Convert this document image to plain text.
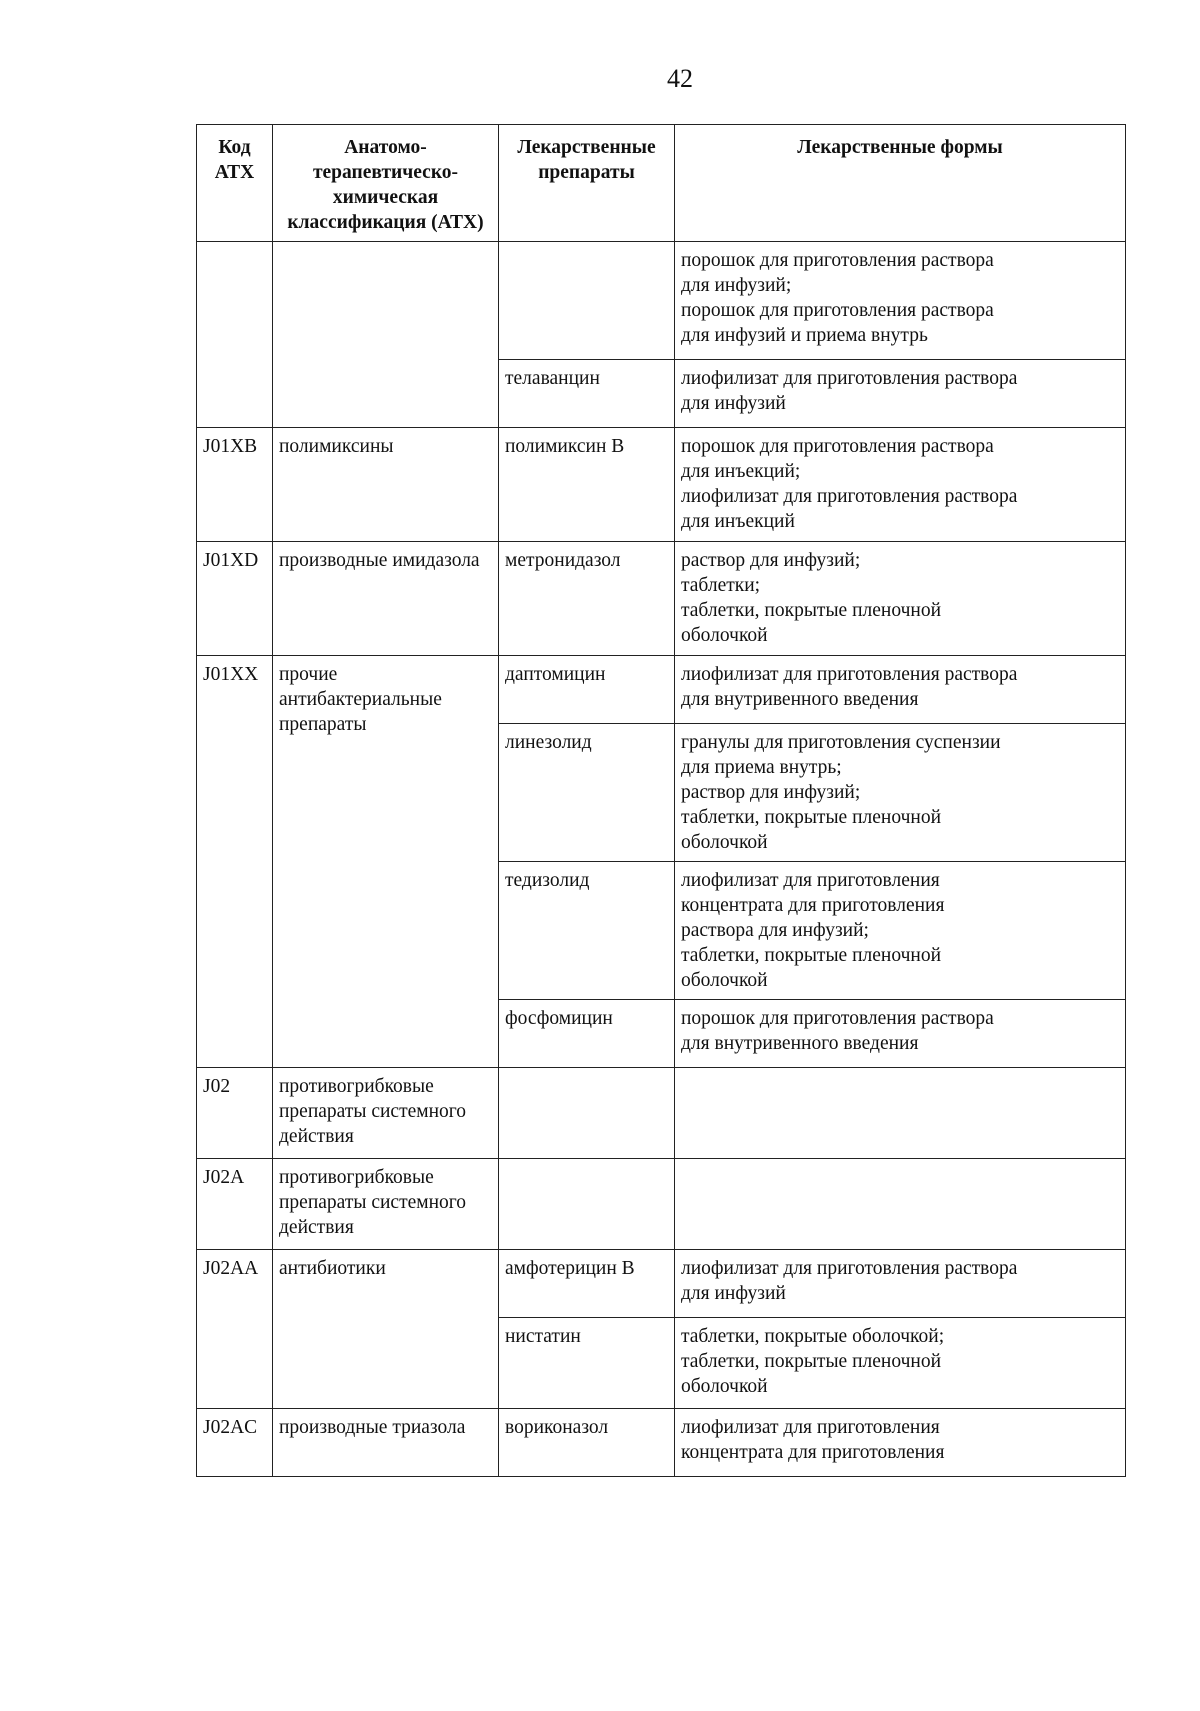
42
Код АТХ	Анатомо-терапевтическо-химическая классификация (АТХ)	Лекарственные препараты	Лекарственные формы
			порошок для приготовления раствора
для инфузий;
порошок для приготовления раствора
для инфузий и приема внутрь
		телаванцин	лиофилизат для приготовления раствора
для инфузий
J01XB	полимиксины	полимиксин В	порошок для приготовления раствора
для инъекций;
лиофилизат для приготовления раствора
для инъекций
J01XD	производные имидазола	метронидазол	раствор для инфузий;
таблетки;
таблетки, покрытые пленочной
оболочкой
J01XX	прочие
антибактериальные
препараты	даптомицин	лиофилизат для приготовления раствора
для внутривенного введения
		линезолид	гранулы для приготовления суспензии
для приема внутрь;
раствор для инфузий;
таблетки, покрытые пленочной
оболочкой
		тедизолид	лиофилизат для приготовления
концентрата для приготовления
раствора для инфузий;
таблетки, покрытые пленочной
оболочкой
		фосфомицин	порошок для приготовления раствора
для внутривенного введения
J02	противогрибковые
препараты системного
действия		
J02A	противогрибковые
препараты системного
действия		
J02AA	антибиотики	амфотерицин В	лиофилизат для приготовления раствора
для инфузий
		нистатин	таблетки, покрытые оболочкой;
таблетки, покрытые пленочной
оболочкой
J02AC	производные триазола	вориконазол	лиофилизат для приготовления
концентрата для приготовления
